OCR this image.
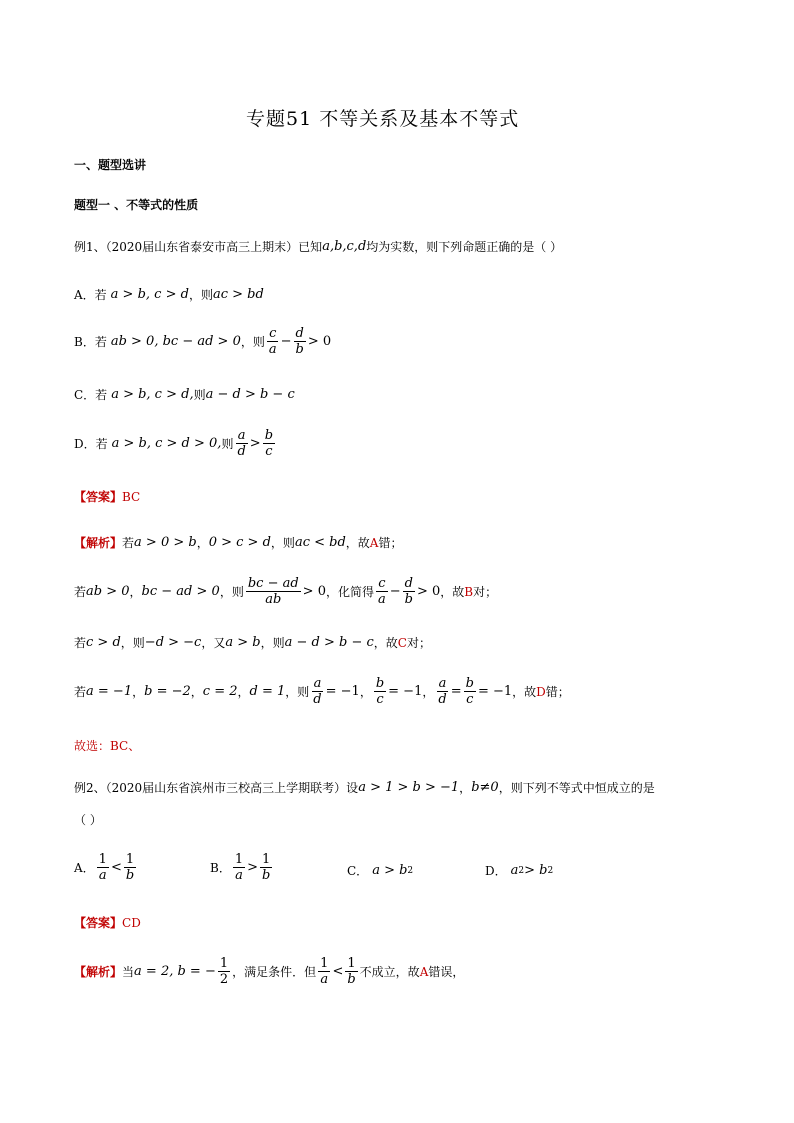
专题51 不等关系及基本不等式
一、题型选讲
题型一 、不等式的性质
例1、（2020届山东省泰安市高三上期末）已知 a,b,c,d 均为实数，则下列命题正确的是（ ）
A．若 a > b, c > d ，则 ac > bd
B．若 ab > 0, bc − ad > 0 ，则 $\frac{c}{a} - \frac{d}{b} > 0$
C．若 a > b, c > d, 则 a − d > b − c
D．若 a > b, c > d > 0, 则 $\frac{a}{d} > \frac{b}{c}$
【答案】 BC
【解析】 若 a > 0 > b ， 0 > c > d ，则 ac < bd ，故 A 错；
若 ab > 0 ， bc − ad > 0 ，则 $\frac{bc - ad}{ab} > 0$ ，化简得 $\frac{c}{a} - \frac{d}{b} > 0$ ，故 B 对；
若 c > d ，则 −d > −c ，又 a > b ，则 a − d > b − c ，故 C 对；
若 a = −1 ， b = −2 ， c = 2 ， d = 1 ，则 $\frac{a}{d} = -1$ ， $\frac{b}{c} = -1$ ， $\frac{a}{d} = \frac{b}{c} = -1$ ，故 D 错；
故选：BC、
例2、（2020届山东省滨州市三校高三上学期联考）设 a > 1 > b > −1 ， b≠0 ，则下列不等式中恒成立的是
（ ）
A． $\frac{1}{a} < \frac{1}{b}$	B． $\frac{1}{a} > \frac{1}{b}$	C． a > b 2	D． a 2 > b 2
【答案】 CD
【解析】 当 a = 2, b = − $\frac{1}{2}$ ，满足条件．但 $\frac{1}{a} < \frac{1}{b}$ 不成立，故 A 错误，
